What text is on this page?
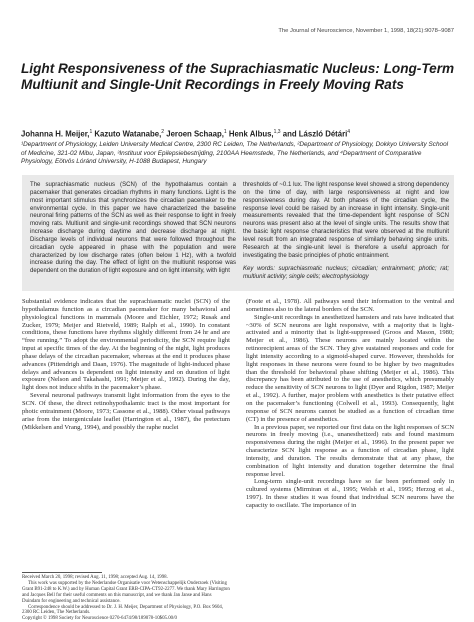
The Journal of Neuroscience, November 1, 1998, 18(21):9078–9087
Light Responsiveness of the Suprachiasmatic Nucleus: Long-Term Multiunit and Single-Unit Recordings in Freely Moving Rats
Johanna H. Meijer,$^1$ Kazuto Watanabe,$^2$ Jeroen Schaap,$^1$ Henk Albus,$^{1,3}$ and László Détári$^4$
¹Department of Physiology, Leiden University Medical Centre, 2300 RC Leiden, The Netherlands, ²Department of Physiology, Dokkyo University School of Medicine, 321-02 Mibu, Japan, ³Instituut voor Epilepsiebestrijding, 2100AA Heemstede, The Netherlands, and ⁴Department of Comparative Physiology, Eötvös Lóránd University, H-1088 Budapest, Hungary
The suprachiasmatic nucleus (SCN) of the hypothalamus contain a pacemaker that generates circadian rhythms in many functions. Light is the most important stimulus that synchronizes the circadian pacemaker to the environmental cycle. In this paper we have characterized the baseline neuronal firing patterns of the SCN as well as their response to light in freely moving rats. Multiunit and single-unit recordings showed that SCN neurons increase discharge during daytime and decrease discharge at night. Discharge levels of individual neurons that were followed throughout the circadian cycle appeared in phase with the population and were characterized by low discharge rates (often below 1 Hz), with a twofold increase during the day. The effect of light on the multiunit response was dependent on the duration of light exposure and on light intensity, with light
thresholds of ~0.1 lux. The light response level showed a strong dependency on the time of day, with large responsiveness at night and low responsiveness during day. At both phases of the circadian cycle, the response level could be raised by an increase in light intensity. Single-unit measurements revealed that the time-dependent light response of SCN neurons was present also at the level of single units. The results show that the basic light response characteristics that were observed at the multiunit level result from an integrated response of similarly behaving single units. Research at the single-unit level is therefore a useful approach for investigating the basic principles of photic entrainment.
Key words: suprachiasmatic nucleus; circadian; entrainment; photic; rat; multiunit activity; single cells; electrophysiology

Substantial evidence indicates that the suprachiasmatic nuclei (SCN) of the hypothalamus function as a circadian pacemaker for many behavioral and physiological functions in mammals (Moore and Eichler, 1972; Rusak and Zucker, 1979; Meijer and Rietveld, 1989; Ralph et al., 1990). In constant conditions, these functions have rhythms slightly different from 24 hr and are “free running.” To adopt the environmental periodicity, the SCN require light input at specific times of the day. At the beginning of the night, light produces phase delays of the circadian pacemaker, whereas at the end it produces phase advances (Pittendrigh and Daan, 1976). The magnitude of light-induced phase delays and advances is dependent on light intensity and on duration of light exposure (Nelson and Takahashi, 1991; Meijer et al., 1992). During the day, light does not induce shifts in the pacemaker’s phase.

Several neuronal pathways transmit light information from the eyes to the SCN. Of these, the direct retinohypothalamic tract is the most important for photic entrainment (Moore, 1973; Cassone et al., 1988). Other visual pathways arise from the intergeniculate leaflet (Harrington et al., 1987), the pretectum (Mikkelsen and Vrang, 1994), and possibly the raphe nuclei

(Foote et al., 1978). All pathways send their information to the ventral and sometimes also to the lateral borders of the SCN.

Single-unit recordings in anesthetized hamsters and rats have indicated that ~30% of SCN neurons are light responsive, with a majority that is light-activated and a minority that is light-suppressed (Groos and Mason, 1980; Meijer et al., 1986). These neurons are mainly located within the retinorecipient areas of the SCN. They give sustained responses and code for light intensity according to a sigmoid-shaped curve. However, thresholds for light responses in these neurons were found to be higher by two magnitudes than the threshold for behavioral phase shifting (Meijer et al., 1986). This discrepancy has been attributed to the use of anesthetics, which presumably reduce the sensitivity of SCN neurons to light (Dyer and Rigdon, 1987; Meijer et al., 1992). A further, major problem with anesthetics is their putative effect on the pacemaker’s functioning (Colwell et al., 1993). Consequently, light response of SCN neurons cannot be studied as a function of circadian time (CT) in the presence of anesthetics.

In a previous paper, we reported our first data on the light responses of SCN neurons in freely moving (i.e., unanesthetized) rats and found maximum responsiveness during the night (Meijer et al., 1996). In the present paper we characterize SCN light response as a function of circadian phase, light intensity, and duration. The results demonstrate that at any phase, the combination of light intensity and duration together determine the final response level.

Long-term single-unit recordings have so far been performed only in cultured systems (Mirmiran et al., 1995; Welsh et al., 1995; Herzog et al., 1997). In these studies it was found that individual SCN neurons have the capacity to oscillate. The importance of in

Received March 20, 1998; revised Aug. 11, 1998; accepted Aug. 14, 1998.

This work was supported by the Nederlandse Organisatie voor Wetenschappelijk Onderzoek (Visiting Grant B91-248 to K.W.) and by Human Capital Grant ERB-CIPA-CT92-2277. We thank Mary Harrington and Jacques Bell for their useful comments on this manuscript, and we thank Jan Janse and Hans Duindam for engineering and technical assistance.

Correspondence should be addressed to Dr. J. H. Meijer, Department of Physiology, P.O. Box 9604, 2300 RC Leiden, The Netherlands.

Copyright © 1998 Society for Neuroscience 0270-6474/98/189078-10$05.00/0
